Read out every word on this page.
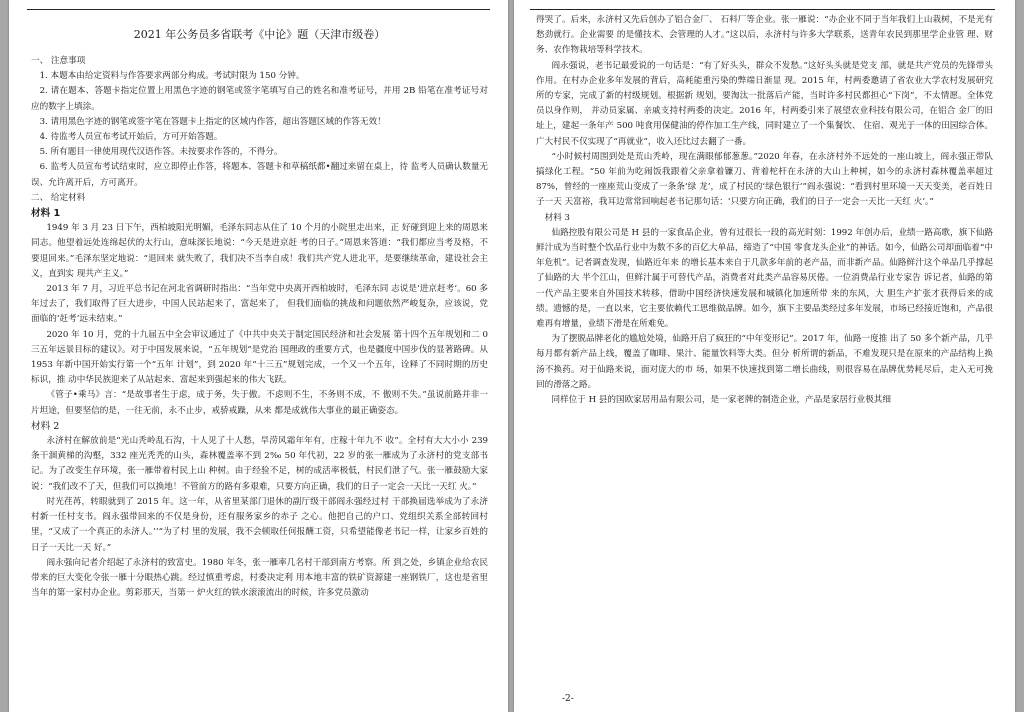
2021 年公务员多省联考《中论》题（天津市级卷）

一、 注意事项

1. 本题本由给定资料与作答要求两部分构成。考试时限为 150 分钟。

2. 请在题本、答题卡指定位置上用黑色字迹的钢笔或签字笔填写自己的姓名和准考证号，并用 2B 铅笔在准考证号对应的数字上填涂。

3. 请用黑色字迹的钢笔或签字笔在答题卡上指定的区域内作答，超出答题区域的作答无效！

4. 待监考人员宣布考试开始后，方可开始答题。

5. 所有题目一律使用现代汉语作答。未按要求作答的，不得分。

6. 监考人员宣布考试结束时，应立即停止作答，将题本、答题卡和草稿纸都•翻过来留在桌上，待 监考人员确认数量无误、允许离开后，方可离开。

二、 给定材料

材料 1

1949 年 3 月 23 日下午，西柏坡阳光明媚，毛泽东同志从住了 10 个月的小院里走出来，正 好碰到迎上来的周恩来同志。他望着远处连绵起伏的太行山，意味深长地说：“今天是进京赶 考的日子。”周恩来答道：“我们都应当考及格，不要退回来。”毛泽东坚定地说：“退回来 就失败了，我们决不当李自成！我们共产党人进北平，是要继续革命，建设社会主义，直到实 现共产主义。”

2013 年 7 月，习近平总书记在河北省调研时指出：“当年党中央离开西柏坡时，毛泽东同 志说是‘进京赶考’。60 多年过去了，我们取得了巨大进步，中国人民站起来了，富起来了， 但我们面临的挑战和问题依然严峻复杂，应该说，党面临的‘赶考’远未结束。”

2020 年 10 月，党的十九届五中全会审议通过了《中共中央关于制定国民经济和社会发展 第十四个五年规划和二 0 三五年远景目标的建议》。对于中国发展来说，“五年规划”是党治 国理政的重要方式，也是疆度中国步伐的显著路碑。从 1953 年新中国开始实行第一个“五年 计划”，到 2020 年“十三五”规划完成，一个又一个五年，诠释了不同时期的历史标识，推 动中华民族迎来了从站起来、富起来到强起来的伟大飞跃。

《管子•乘马》言：“是故事者生于虑，成于务，失于傲。不虑则不生，不务则不成，不 傲则不失。”虽说前路并非一片坦途，但要坚信的是，一往无前，永不止步，戒骄戒躁，从来 都是成就伟大事业的最正确姿态。

材料 2

永济村在解放前是“光山秃岭乱石沟，十人见了十人愁，旱涝风霜年年有，庄稼十年九不 收”。全村有大大小小 239 条干涸黄梯的沟壑，332 座光秃秃的山头，森林覆盖率不到 2‰ 50 年代初，22 岁的张一雁成为了永济村的党支部书记。为了改变生存环境，张一雁带着村民上山 种树。由于经验不足，树的成活率极低，村民们泄了气。张一雁鼓励大家说：“我们改不了天，但我们可以换地！不管前方的路有多艰难，只要方向正确，我们的日子一定会一天比一天红 火。”

时光荏苒，转眼就到了 2015 年。这一年，从省里某部门退休的副厅级干部阎永强经过村 干部换届选举成为了永济村新一任村支书。阎永强带回来的不仅是身份，还有服务家乡的赤子 之心。他把自己的户口、党组织关系全部转回村里，“又成了一个真正的永济人。’’“为了村 里的发展，我不会顿取任何报酬工资，只希望能像老书记一样，让家乡百姓的日子一天比一天 好。”

阎永强向记者介绍起了永济村的致富史。1980 年冬，张一雁率几名村干部到南方考察。所 到之处，乡镇企业给农民带来的巨大变化令张一雁十分眼热心跳。经过慎重考虑，村委决定利 用本地丰富的铁矿资源建一座钢铁厂，这也是省里当年的第一家村办企业。剪彩那天，当第一 炉火红的铁水滚滚流出的时候，许多党员激动

得哭了。后来，永济村又先后创办了铝合金厂、 石料厂等企业。张一雁说：“办企业不同于当年我们上山栽树，不是光有愁劲就行。企业需要 的是懂技术、会管理的人才。”这以后，永济村与许多大学联系，送青年农民到那里学企业管 理、财务、农作物栽培等科学技术。

阎永强说，老书记最爱说的一句话是：“有了好头头，群众不发愁。”这好头头就是党支 部，就是共产党员的先锋带头作用。在村办企业多年发展的背后，高耗能重污染的弊端日渐显 现。2015 年，村两委邀请了省农业大学农村发展研究所的专家，完成了新的村级规划。根据新 规划，要淘汰一批落后产能，当时许多村民都担心“下岗”，不太情愿。全体党员以身作则， 并动员家属、亲戚支持村两委的决定。2016 年，村两委引来了展望农业科技有限公司，在铝合 金厂的旧址上，建起一条年产 500 吨食用保健油的停作加工生产线，同时建立了一个集餐饮、 住宿、观光于一体的田园综合体。广大村民不仅实现了“再就业”，收入还比过去翻了一番。

“小时候村周围到处是荒山秃岭，现在满眼郁郁葱葱。”2020 年春，在永济村外不远处的一座山坡上，阎永强正带队搞绿化工程。“50 年前为吃闹饭我跟着父亲拿着镰刀、背着柁杆在永济的大山上种树，如今的永济村森林覆盖率超过 87%，曾经的一座座荒山变成了一条条‘绿 龙’，成了村民的‘绿色银行’”阎永强说：“看到村里环境一天天变美，老百姓日子一天 天富裕，我耳边常常回响起老书记那句话：‘只要方向正确，我们的日子一定会一天比一天红 火’。”

材料 3

仙路控股有限公司是 H 县的一家食品企业，曾有过很长一段的高光时刻：1992 年创办后，业绩一路高歌，旗下仙路鲜汁成为当时整个饮品行业中为数不多的百亿大单品，缔造了“中国 零食龙头企业”的神话。如今，仙路公司却面临着“中年危机”。记者调查发现，仙路近年来 的增长基本来自于几款多年前的老产品，而非新产品。仙路鲜汁这个单品几乎撑起了仙路的大 半个江山，但鲜汁属于可替代产品，消费者对此类产品容易厌倦。一位消费品行业专家告 诉记者，仙路的第一代产品主要来自外国技术转移，借助中国经济快速发展和城镇化加速所带 来的东风，大 胆生产扩张才获得后来的成绩。遗憾的是，一直以来，它主要依赖代工思维做品牌。如今，旗下主要品类经过多年发展，市场已经接近饱和，产品很难再有增量，业绩下滑是在所难免。

为了摆脱品牌老化的尴尬处境，仙路开启了疯狂的“中年变形记”。2017 年，仙路一度推 出了 50 多个新产品，几乎每月都有新产品上线，覆盖了咖啡、果汁、能量饮料等大类。但分 析所谓的新品，不难发现只是在原来的产品结构上换汤不换药。对于仙路来说，面对庞大的市 场，如果不快速找到第二增长曲线，则很容易在品牌优势耗尽后，走入无可挽回的滑落之路。

同样位于 H 县的国欧家居用品有限公司，是一家老牌的制造企业，产品是家居行业极其细

-2-
